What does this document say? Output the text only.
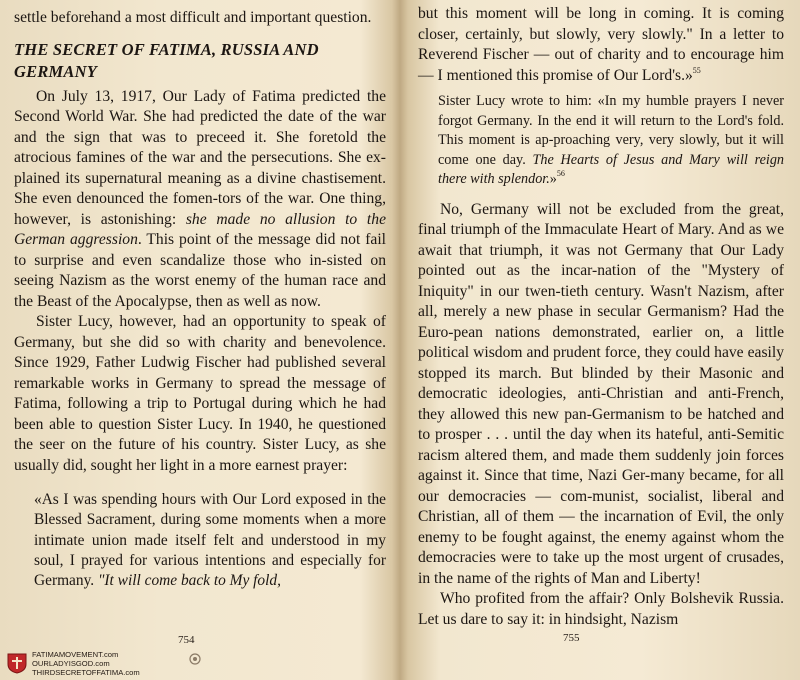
settle beforehand a most difficult and important question.

THE SECRET OF FATIMA, RUSSIA AND GERMANY

On July 13, 1917, Our Lady of Fatima predicted the Second World War. She had predicted the date of the war and the sign that was to preceed it. She foretold the atrocious famines of the war and the persecutions. She ex-plained its supernatural meaning as a divine chastisement. She even denounced the fomen-tors of the war. One thing, however, is astonishing: she made no allusion to the German aggression. This point of the message did not fail to surprise and even scandalize those who in-sisted on seeing Nazism as the worst enemy of the human race and the Beast of the Apocalypse, then as well as now.

Sister Lucy, however, had an opportunity to speak of Germany, but she did so with charity and benevolence. Since 1929, Father Ludwig Fischer had published several remarkable works in Germany to spread the message of Fatima, following a trip to Portugal during which he had been able to question Sister Lucy. In 1940, he questioned the seer on the future of his country. Sister Lucy, as she usually did, sought her light in a more earnest prayer:

«As I was spending hours with Our Lord exposed in the Blessed Sacrament, during some moments when a more intimate union made itself felt and understood in my soul, I prayed for various intentions and especially for Germany. "It will come back to My fold,

but this moment will be long in coming. It is coming closer, certainly, but slowly, very slowly." In a letter to Reverend Fischer — out of charity and to encourage him — I mentioned this promise of Our Lord's.»$^{55}$

Sister Lucy wrote to him: «In my humble prayers I never forgot Germany. In the end it will return to the Lord's fold. This moment is ap-proaching very, very slowly, but it will come one day. The Hearts of Jesus and Mary will reign there with splendor.»$^{56}$

No, Germany will not be excluded from the great, final triumph of the Immaculate Heart of Mary. And as we await that triumph, it was not Germany that Our Lady pointed out as the incar-nation of the "Mystery of Iniquity" in our twen-tieth century. Wasn't Nazism, after all, merely a new phase in secular Germanism? Had the Euro-pean nations demonstrated, earlier on, a little political wisdom and prudent force, they could have easily stopped its march. But blinded by their Masonic and democratic ideologies, anti-Christian and anti-French, they allowed this new pan-Germanism to be hatched and to prosper . . . until the day when its hateful, anti-Semitic racism altered them, and made them suddenly join forces against it. Since that time, Nazi Ger-many became, for all our democracies — com-munist, socialist, liberal and Christian, all of them — the incarnation of Evil, the only enemy to be fought against, the enemy against whom the democracies were to take up the most urgent of crusades, in the name of the rights of Man and Liberty!

Who profited from the affair? Only Bolshevik Russia. Let us dare to say it: in hindsight, Nazism

754	755
FATIMAMOVEMENT.com
OURLADYISGOD.com
THIRDSECRETOFFATIMA.com
